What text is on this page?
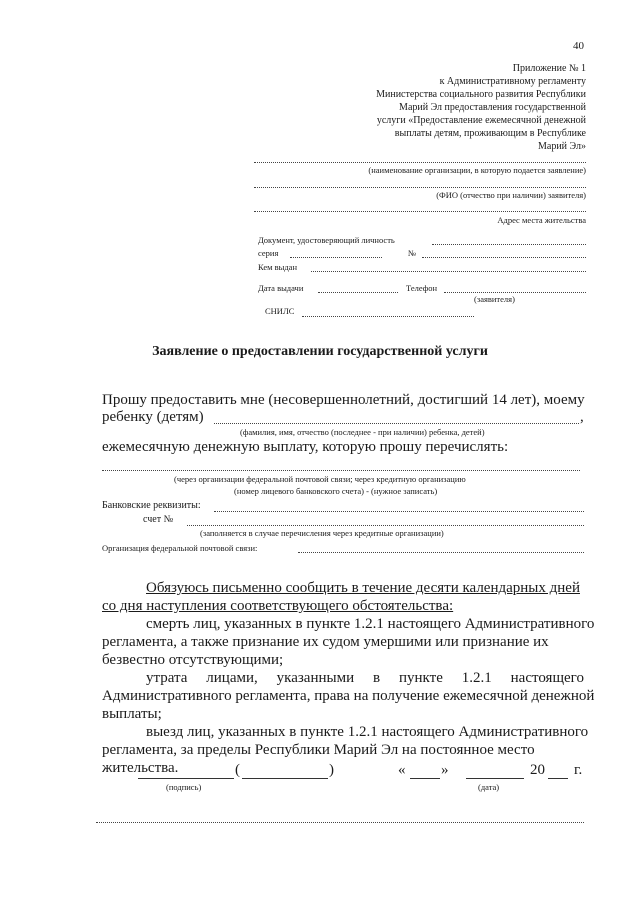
40
Приложение № 1
к Административному регламенту
Министерства социального развития Республики
Марий Эл предоставления государственной
услуги «Предоставление ежемесячной денежной
выплаты детям, проживающим в Республике
Марий Эл»
(наименование организации, в которую подается заявление)
(ФИО (отчество при наличии) заявителя)
Адрес места жительства
Документ, удостоверяющий личность
серия	№
Кем выдан
Дата выдачи	Телефон
(заявителя)
СНИЛС
Заявление о предоставлении государственной услуги
Прошу предоставить мне (несовершеннолетний, достигший 14 лет), моему
ребенку (детям)	,
(фамилия, имя, отчество (последнее - при наличии) ребенка, детей)
ежемесячную денежную выплату, которую прошу перечислять:
(через организации федеральной почтовой связи; через кредитную организацию
(номер лицевого банковского счета) - (нужное записать)
Банковские реквизиты:
счет №
(заполняется в случае перечисления через кредитные организации)
Организация федеральной почтовой связи:
Обязуюсь письменно сообщить в течение десяти календарных дней
со дня наступления соответствующего обстоятельства:
смерть лиц, указанных в пункте 1.2.1 настоящего Административного
регламента, а также признание их судом умершими или признание их
безвестно отсутствующими;
утрата лицами, указанными в пункте 1.2.1 настоящего
Административного регламента, права на получение ежемесячной денежной
выплаты;
выезд лиц, указанных в пункте 1.2.1 настоящего Административного
регламента, за пределы Республики Марий Эл на постоянное место
жительства.	(	)	« »	20 г.
(подпись)	(дата)
